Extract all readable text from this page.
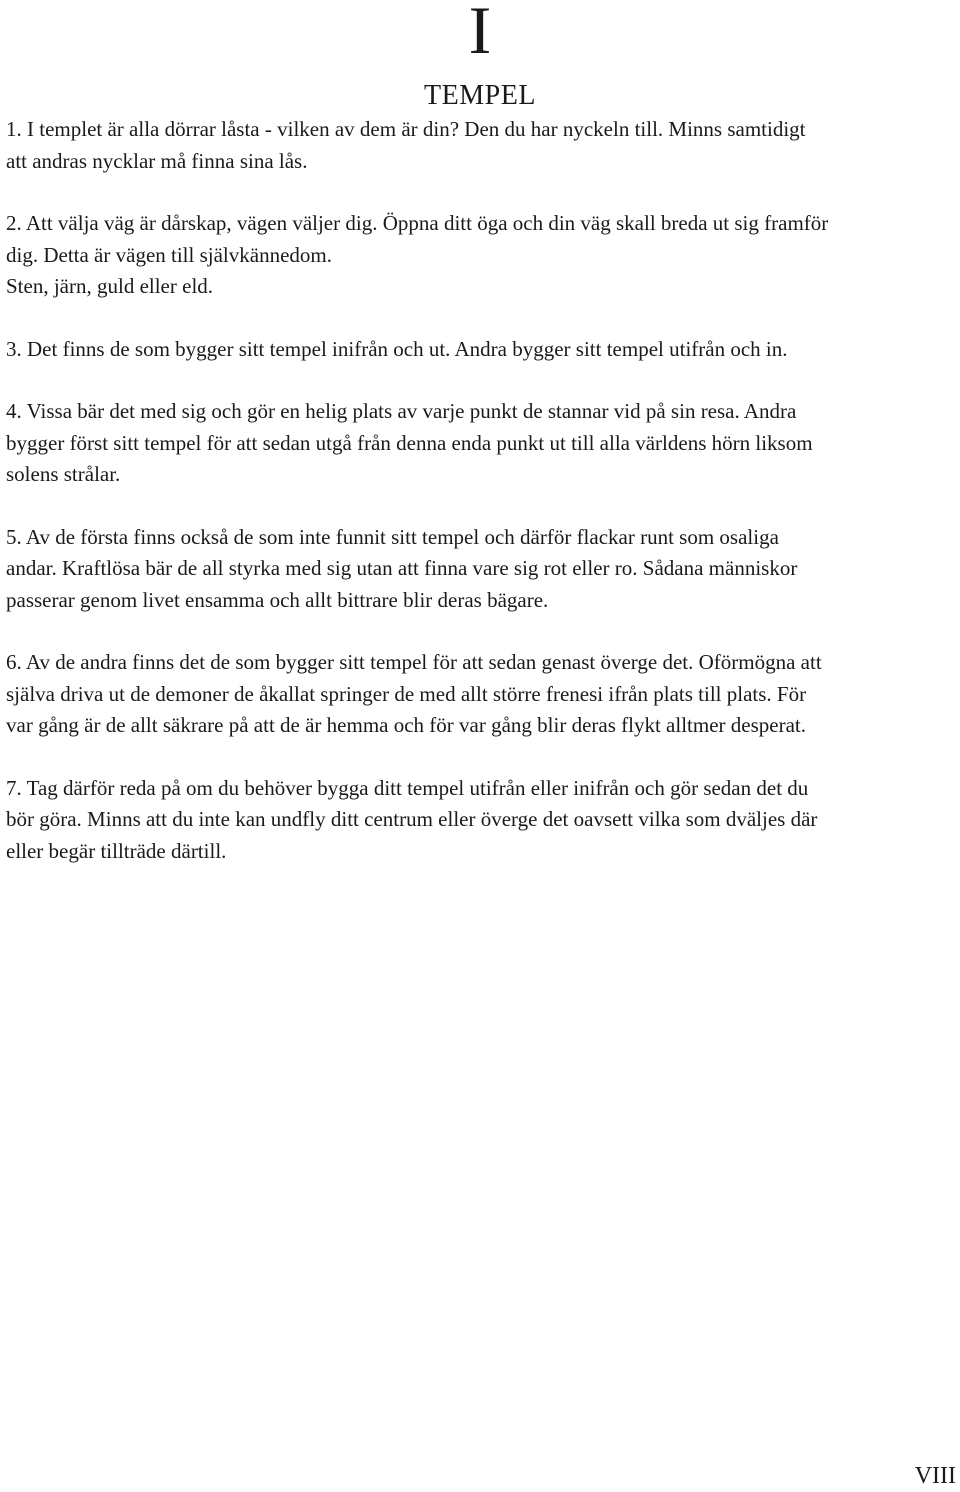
I
TEMPEL

1. I templet är alla dörrar låsta - vilken av dem är din? Den du har nyckeln till. Minns samtidigt
att andras nycklar må finna sina lås.

2. Att välja väg är dårskap, vägen väljer dig. Öppna ditt öga och din väg skall breda ut sig framför
dig. Detta är vägen till självkännedom.
Sten, järn, guld eller eld.

3. Det finns de som bygger sitt tempel inifrån och ut. Andra bygger sitt tempel utifrån och in.

4. Vissa bär det med sig och gör en helig plats av varje punkt de stannar vid på sin resa. Andra
bygger först sitt tempel för att sedan utgå från denna enda punkt ut till alla världens hörn liksom
solens strålar.

5. Av de första finns också de som inte funnit sitt tempel och därför flackar runt som osaliga
andar. Kraftlösa bär de all styrka med sig utan att finna vare sig rot eller ro. Sådana människor
passerar genom livet ensamma och allt bittrare blir deras bägare.

6. Av de andra finns det de som bygger sitt tempel för att sedan genast överge det. Oförmögna att
själva driva ut de demoner de åkallat springer de med allt större frenesi ifrån plats till plats. För
var gång är de allt säkrare på att de är hemma och för var gång blir deras flykt alltmer desperat.

7. Tag därför reda på om du behöver bygga ditt tempel utifrån eller inifrån och gör sedan det du
bör göra. Minns att du inte kan undfly ditt centrum eller överge det oavsett vilka som dväljes där
eller begär tillträde därtill.

VIII
